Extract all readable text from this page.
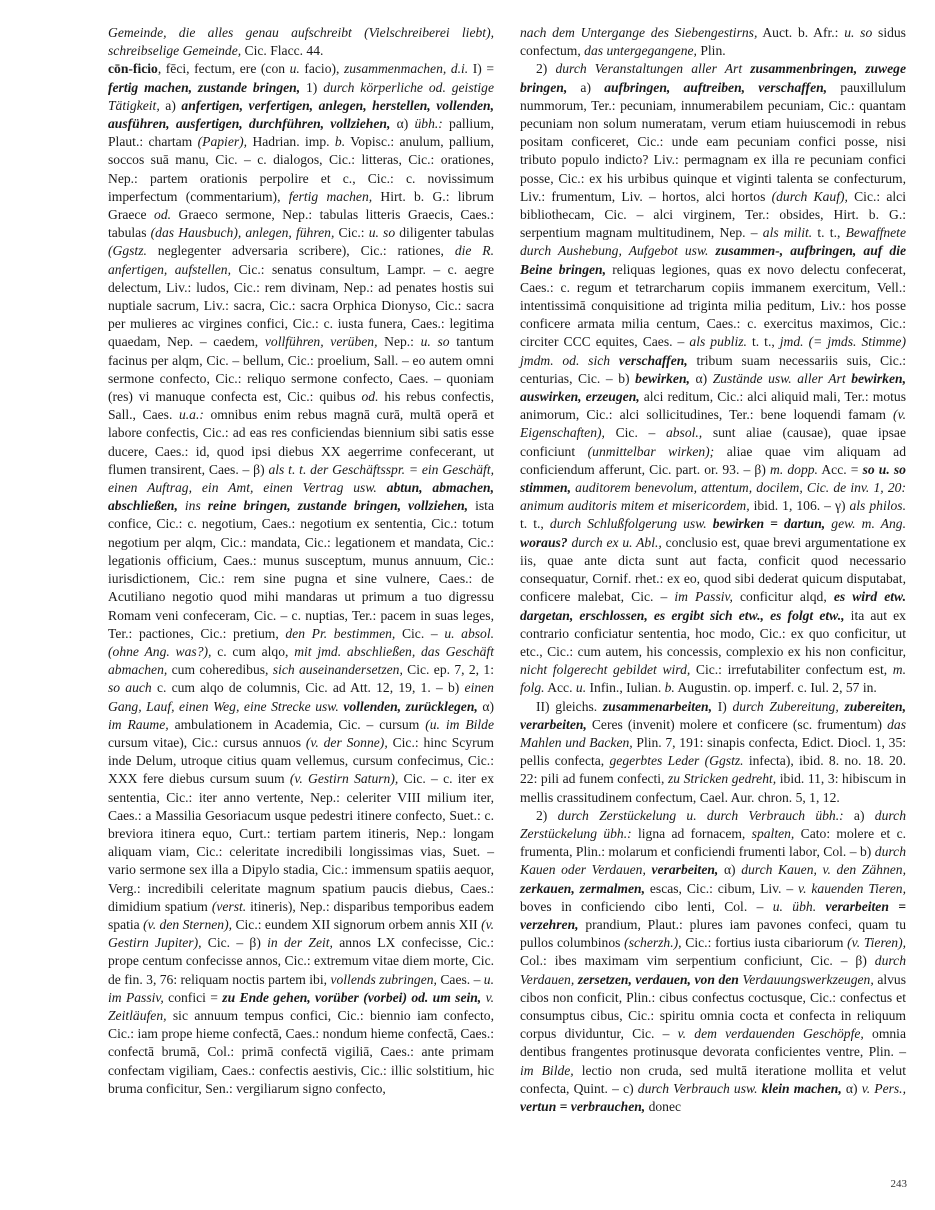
Gemeinde, die alles genau aufschreibt (Vielschreiberei liebt), schreibselige Gemeinde, Cic. Flacc. 44.

cōn-ficio, fēci, fectum, ere (con u. facio), zusammenmachen, d.i. I) = fertig machen, zustande bringen, 1) durch körperliche od. geistige Tätigkeit, a) anfertigen, verfertigen, anlegen, herstellen, vollenden, ausführen, ausfertigen, durchführen, vollziehen, α) übh.: pallium, Plaut.: chartam (Papier), Hadrian. imp. b. Vopisc.: anulum, pallium, soccos suā manu, Cic. – c. dialogos, Cic.: litteras, Cic.: orationes, Nep.: partem orationis perpolire et c., Cic.: c. novissimum imperfectum (commentarium), fertig machen, Hirt. b. G.: librum Graece od. Graeco sermone, Nep.: tabulas litteris Graecis, Caes.: tabulas (das Hausbuch), anlegen, führen, Cic.: u. so diligenter tabulas (Ggstz. neglegenter adversaria scribere), Cic.: rationes, die R. anfertigen, aufstellen, Cic.: senatus consultum, Lampr. – c. aegre delectum, Liv.: ludos, Cic.: rem divinam, Nep.: ad penates hostis sui nuptiale sacrum, Liv.: sacra, Cic.: sacra Orphica Dionyso, Cic.: sacra per mulieres ac virgines confici, Cic.: c. iusta funera, Caes.: legitima quaedam, Nep. – caedem, vollführen, verüben, Nep.: u. so tantum facinus per alqm, Cic. – bellum, Cic.: proelium, Sall. – eo autem omni sermone confecto, Cic.: reliquo sermone confecto, Caes. – quoniam (res) vi manuque confecta est, Cic.: quibus od. his rebus confectis, Sall., Caes. u.a.: omnibus enim rebus magnā curā, multā operā et labore confectis, Cic.: ad eas res conficiendas biennium sibi satis esse ducere, Caes.: id, quod ipsi diebus XX aegerrime confecerant, ut flumen transirent, Caes. – β) als t. t. der Geschäftsspr. = ein Geschäft, einen Auftrag, ein Amt, einen Vertrag usw. abtun, abmachen, abschließen, ins reine bringen, zustande bringen, vollziehen, ista confice, Cic.: c. negotium, Caes.: negotium ex sententia, Cic.: totum negotium per alqm, Cic.: mandata, Cic.: legationem et mandata, Cic.: legationis officium, Caes.: munus susceptum, munus annuum, Cic.: iurisdictionem, Cic.: rem sine pugna et sine vulnere, Caes.: de Acutiliano negotio quod mihi mandaras ut primum a tuo digressu Romam veni confeceram, Cic. – c. nuptias, Ter.: pacem in suas leges, Ter.: pactiones, Cic.: pretium, den Pr. bestimmen, Cic. – u. absol. (ohne Ang. was?), c. cum alqo, mit jmd. abschließen, das Geschäft abmachen, cum coheredibus, sich auseinandersetzen, Cic. ep. 7, 2, 1: so auch c. cum alqo de columnis, Cic. ad Att. 12, 19, 1. – b) einen Gang, Lauf, einen Weg, eine Strecke usw. vollenden, zurücklegen, α) im Raume, ambulationem in Academia, Cic. – cursum (u. im Bilde cursum vitae), Cic.: cursus annuos (v. der Sonne), Cic.: hinc Scyrum inde Delum, utroque citius quam vellemus, cursum confecimus, Cic.: XXX fere diebus cursum suum (v. Gestirn Saturn), Cic. – c. iter ex sententia, Cic.: iter anno vertente, Nep.: celeriter VIII milium iter, Caes.: a Massilia Gesoriacum usque pedestri itinere confecto, Suet.: c. breviora itinera equo, Curt.: tertiam partem itineris, Nep.: longam aliquam viam, Cic.: celeritate incredibili longissimas vias, Suet. – vario sermone sex illa a Dipylo stadia, Cic.: immensum spatiis aequor, Verg.: incredibili celeritate magnum spatium paucis diebus, Caes.: dimidium spatium (verst. itineris), Nep.: disparibus temporibus eadem spatia (v. den Sternen), Cic.: eundem XII signorum orbem annis XII (v. Gestirn Jupiter), Cic. – β) in der Zeit, annos LX confecisse, Cic.: prope centum confecisse annos, Cic.: extremum vitae diem morte, Cic. de fin. 3, 76: reliquam noctis partem ibi, vollends zubringen, Caes. – u. im Passiv, confici = zu Ende gehen, vorüber (vorbei) od. um sein, v. Zeitläufen, sic annuum tempus confici, Cic.: biennio iam confecto, Cic.: iam prope hieme confectā, Caes.: nondum hieme confectā, Caes.: confectā brumā, Col.: primā confectā vigiliā, Caes.: ante primam confectam vigiliam, Caes.: confectis aestivis, Cic.: illic solstitium, hic bruma conficitur, Sen.: vergiliarum signo confecto,

nach dem Untergange des Siebengestirns, Auct. b. Afr.: u. so sidus confectum, das untergegangene, Plin.

2) durch Veranstaltungen aller Art zusammenbringen, zuwege bringen, a) aufbringen, auftreiben, verschaffen, pauxillulum nummorum, Ter.: pecuniam, innumerabilem pecuniam, Cic.: quantam pecuniam non solum numeratam, verum etiam huiuscemodi in rebus positam conficeret, Cic.: unde eam pecuniam confici posse, nisi tributo populo indicto? Liv.: permagnam ex illa re pecuniam confici posse, Cic.: ex his urbibus quinque et viginti talenta se confecturum, Liv.: frumentum, Liv. – hortos, alci hortos (durch Kauf), Cic.: alci bibliothecam, Cic. – alci virginem, Ter.: obsides, Hirt. b. G.: serpentium magnam multitudinem, Nep. – als milit. t. t., Bewaffnete durch Aushebung, Aufgebot usw. zusammen-, aufbringen, auf die Beine bringen, reliquas legiones, quas ex novo delectu confecerat, Caes.: c. regum et tetrarcharum copiis immanem exercitum, Vell.: intentissimā conquisitione ad triginta milia peditum, Liv.: hos posse conficere armata milia centum, Caes.: c. exercitus maximos, Cic.: circiter CCC equites, Caes. – als publiz. t. t., jmd. (= jmds. Stimme) jmdm. od. sich verschaffen, tribum suam necessariis suis, Cic.: centurias, Cic. – b) bewirken, α) Zustände usw. aller Art bewirken, auswirken, erzeugen, alci reditum, Cic.: alci aliquid mali, Ter.: motus animorum, Cic.: alci sollicitudines, Ter.: bene loquendi famam (v. Eigenschaften), Cic. – absol., sunt aliae (causae), quae ipsae conficiunt (unmittelbar wirken); aliae quae vim aliquam ad conficiendum afferunt, Cic. part. or. 93. – β) m. dopp. Acc. = so u. so stimmen, auditorem benevolum, attentum, docilem, Cic. de inv. 1, 20: animum auditoris mitem et misericordem, ibid. 1, 106. – γ) als philos. t. t., durch Schlußfolgerung usw. bewirken = dartun, gew. m. Ang. woraus? durch ex u. Abl., conclusio est, quae brevi argumentatione ex iis, quae ante dicta sunt aut facta, conficit quod necessario consequatur, Cornif. rhet.: ex eo, quod sibi dederat quicum disputabat, conficere malebat, Cic. – im Passiv, conficitur alqd, es wird etw. dargetan, erschlossen, es ergibt sich etw., es folgt etw., ita aut ex contrario conficiatur sententia, hoc modo, Cic.: ex quo conficitur, ut etc., Cic.: cum autem, his concessis, complexio ex his non conficitur, nicht folgerecht gebildet wird, Cic.: irrefutabiliter confectum est, m. folg. Acc. u. Infin., Iulian. b. Augustin. op. imperf. c. Iul. 2, 57 in.

II) gleichs. zusammenarbeiten, I) durch Zubereitung, zubereiten, verarbeiten, Ceres (invenit) molere et conficere (sc. frumentum) das Mahlen und Backen, Plin. 7, 191: sinapis confecta, Edict. Diocl. 1, 35: pellis confecta, gegerbtes Leder (Ggstz. infecta), ibid. 8. no. 18. 20. 22: pili ad funem confecti, zu Stricken gedreht, ibid. 11, 3: hibiscum in mellis crassitudinem confectum, Cael. Aur. chron. 5, 1, 12.

2) durch Zerstückelung u. durch Verbrauch übh.: a) durch Zerstückelung übh.: ligna ad fornacem, spalten, Cato: molere et c. frumenta, Plin.: molarum et conficiendi frumenti labor, Col. – b) durch Kauen oder Verdauen, verarbeiten, α) durch Kauen, v. den Zähnen, zerkauen, zermalmen, escas, Cic.: cibum, Liv. – v. kauenden Tieren, boves in conficiendo cibo lenti, Col. – u. übh. verarbeiten = verzehren, prandium, Plaut.: plures iam pavones confeci, quam tu pullos columbinos (scherzh.), Cic.: fortius iusta cibariorum (v. Tieren), Col.: ibes maximam vim serpentium conficiunt, Cic. – β) durch Verdauen, zersetzen, verdauen, von den Verdauungswerkzeugen, alvus cibos non conficit, Plin.: cibus confectus coctusque, Cic.: confectus et consumptus cibus, Cic.: spiritu omnia cocta et confecta in reliquum corpus dividuntur, Cic. – v. dem verdauenden Geschöpfe, omnia dentibus frangentes protinusque devorata conficientes ventre, Plin. – im Bilde, lectio non cruda, sed multā iteratione mollita et velut confecta, Quint. – c) durch Verbrauch usw. klein machen, α) v. Pers., vertun = verbrauchen, donec

243
